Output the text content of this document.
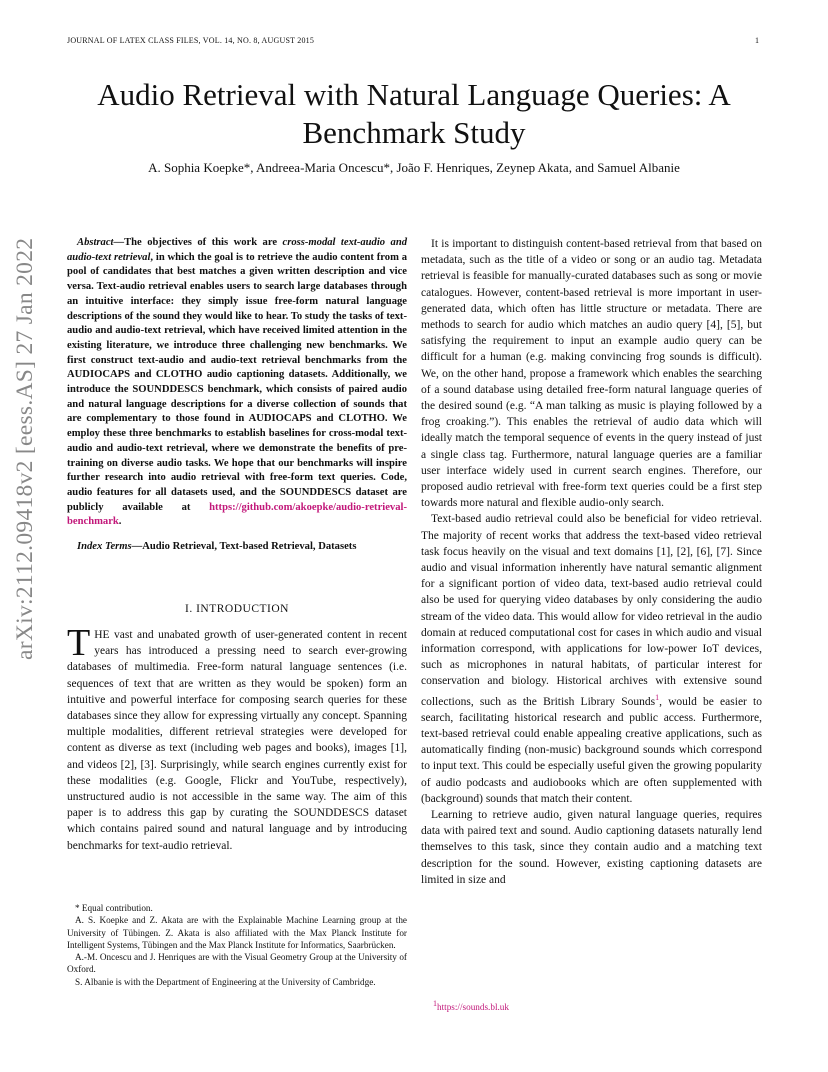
JOURNAL OF LATEX CLASS FILES, VOL. 14, NO. 8, AUGUST 2015	1
Audio Retrieval with Natural Language Queries: A Benchmark Study
A. Sophia Koepke*, Andreea-Maria Oncescu*, João F. Henriques, Zeynep Akata, and Samuel Albanie
arXiv:2112.09418v2 [eess.AS] 27 Jan 2022	Abstract—The objectives of this work are cross-modal text-audio and audio-text retrieval, in which the goal is to retrieve the audio content from a pool of candidates that best matches a given written description and vice versa. Text-audio retrieval enables users to search large databases through an intuitive interface: they simply issue free-form natural language descriptions of the sound they would like to hear. To study the tasks of text-audio and audio-text retrieval, which have received limited attention in the existing literature, we introduce three challenging new benchmarks. We first construct text-audio and audio-text retrieval benchmarks from the AUDIOCAPS and CLOTHO audio captioning datasets. Additionally, we introduce the SOUNDDESCS benchmark, which consists of paired audio and natural language descriptions for a diverse collection of sounds that are complementary to those found in AUDIOCAPS and CLOTHO. We employ these three benchmarks to establish baselines for cross-modal text-audio and audio-text retrieval, where we demonstrate the benefits of pre-training on diverse audio tasks. We hope that our benchmarks will inspire further research into audio retrieval with free-form text queries. Code, audio features for all datasets used, and the SOUNDDESCS dataset are publicly available at https://github.com/akoepke/audio-retrieval-benchmark.

Index Terms—Audio Retrieval, Text-based Retrieval, Datasets

I. INTRODUCTION

THE vast and unabated growth of user-generated content in recent years has introduced a pressing need to search ever-growing databases of multimedia. Free-form natural language sentences (i.e. sequences of text that are written as they would be spoken) form an intuitive and powerful interface for composing search queries for these databases since they allow for expressing virtually any concept. Spanning multiple modalities, different retrieval strategies were developed for content as diverse as text (including web pages and books), images [1], and videos [2], [3]. Surprisingly, while search engines currently exist for these modalities (e.g. Google, Flickr and YouTube, respectively), unstructured audio is not accessible in the same way. The aim of this paper is to address this gap by curating the SOUNDDESCS dataset which contains paired sound and natural language and by introducing benchmarks for text-audio retrieval.

It is important to distinguish content-based retrieval from that based on metadata, such as the title of a video or song or an audio tag. Metadata retrieval is feasible for manually-curated databases such as song or movie catalogues. However, content-based retrieval is more important in user-generated data, which often has little structure or metadata. There are methods to search for audio which matches an audio query [4], [5], but satisfying the requirement to input an example audio query can be difficult for a human (e.g. making convincing frog sounds is difficult). We, on the other hand, propose a framework which enables the searching of a sound database using detailed free-form natural language queries of the desired sound (e.g. “A man talking as music is playing followed by a frog croaking.”). This enables the retrieval of audio data which will ideally match the temporal sequence of events in the query instead of just a single class tag. Furthermore, natural language queries are a familiar user interface widely used in current search engines. Therefore, our proposed audio retrieval with free-form text queries could be a first step towards more natural and flexible audio-only search.

Text-based audio retrieval could also be beneficial for video retrieval. The majority of recent works that address the text-based video retrieval task focus heavily on the visual and text domains [1], [2], [6], [7]. Since audio and visual information inherently have natural semantic alignment for a significant portion of video data, text-based audio retrieval could also be used for querying video databases by only considering the audio stream of the video data. This would allow for video retrieval in the audio domain at reduced computational cost for cases in which audio and visual information correspond, with applications for low-power IoT devices, such as microphones in natural habitats, of particular interest for conservation and biology. Historical archives with extensive sound collections, such as the British Library Sounds$^1$, would be easier to search, facilitating historical research and public access. Furthermore, text-based retrieval could enable appealing creative applications, such as automatically finding (non-music) background sounds which correspond to input text. This could be especially useful given the growing popularity of audio podcasts and audiobooks which are often supplemented with (background) sounds that match their content.

Learning to retrieve audio, given natural language queries, requires data with paired text and sound. Audio captioning datasets naturally lend themselves to this task, since they contain audio and a matching text description for the sound. However, existing captioning datasets are limited in size and

* Equal contribution.

A. S. Koepke and Z. Akata are with the Explainable Machine Learning group at the University of Tübingen. Z. Akata is also affiliated with the Max Planck Institute for Intelligent Systems, Tübingen and the Max Planck Institute for Informatics, Saarbrücken.

A.-M. Oncescu and J. Henriques are with the Visual Geometry Group at the University of Oxford.

S. Albanie is with the Department of Engineering at the University of Cambridge.

1https://sounds.bl.uk
